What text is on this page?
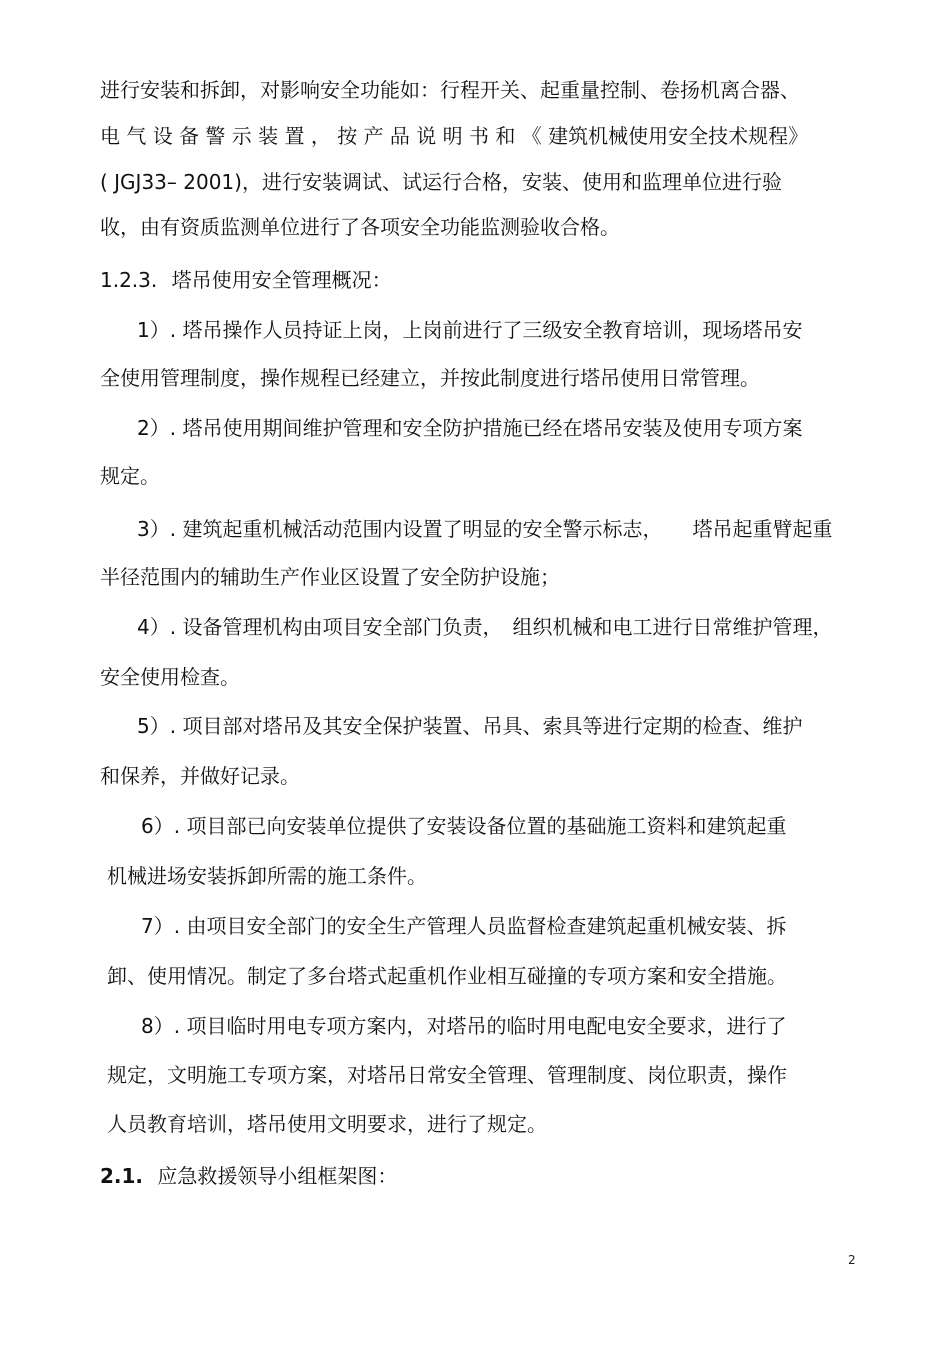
进行安装和拆卸，对影响安全功能如：行程开关、起重量控制、卷扬机离合器、
电 气 设 备 警 示 装 置 ， 按 产 品 说 明 书 和 《 建筑机械使用安全技术规程》
( JGJ33– 2001)，进行安装调试、试运行合格，安装、使用和监理单位进行验
收，由有资质监测单位进行了各项安全功能监测验收合格。
1.2.3. 塔吊使用安全管理概况：
1）. 塔吊操作人员持证上岗，上岗前进行了三级安全教育培训，现场塔吊安
全使用管理制度，操作规程已经建立，并按此制度进行塔吊使用日常管理。
2）. 塔吊使用期间维护管理和安全防护措施已经在塔吊安装及使用专项方案
规定。
3）. 建筑起重机械活动范围内设置了明显的安全警示标志，　　塔吊起重臂起重
半径范围内的辅助生产作业区设置了安全防护设施；
4）. 设备管理机构由项目安全部门负责，　组织机械和电工进行日常维护管理，
安全使用检查。
5）. 项目部对塔吊及其安全保护装置、吊具、索具等进行定期的检查、维护
和保养，并做好记录。
6）. 项目部已向安装单位提供了安装设备位置的基础施工资料和建筑起重
机械进场安装拆卸所需的施工条件。
7）. 由项目安全部门的安全生产管理人员监督检查建筑起重机械安装、拆
卸、使用情况。制定了多台塔式起重机作业相互碰撞的专项方案和安全措施。
8）. 项目临时用电专项方案内，对塔吊的临时用电配电安全要求，进行了
规定，文明施工专项方案，对塔吊日常安全管理、管理制度、岗位职责，操作
人员教育培训，塔吊使用文明要求，进行了规定。
2.1. 应急救援领导小组框架图：
2
